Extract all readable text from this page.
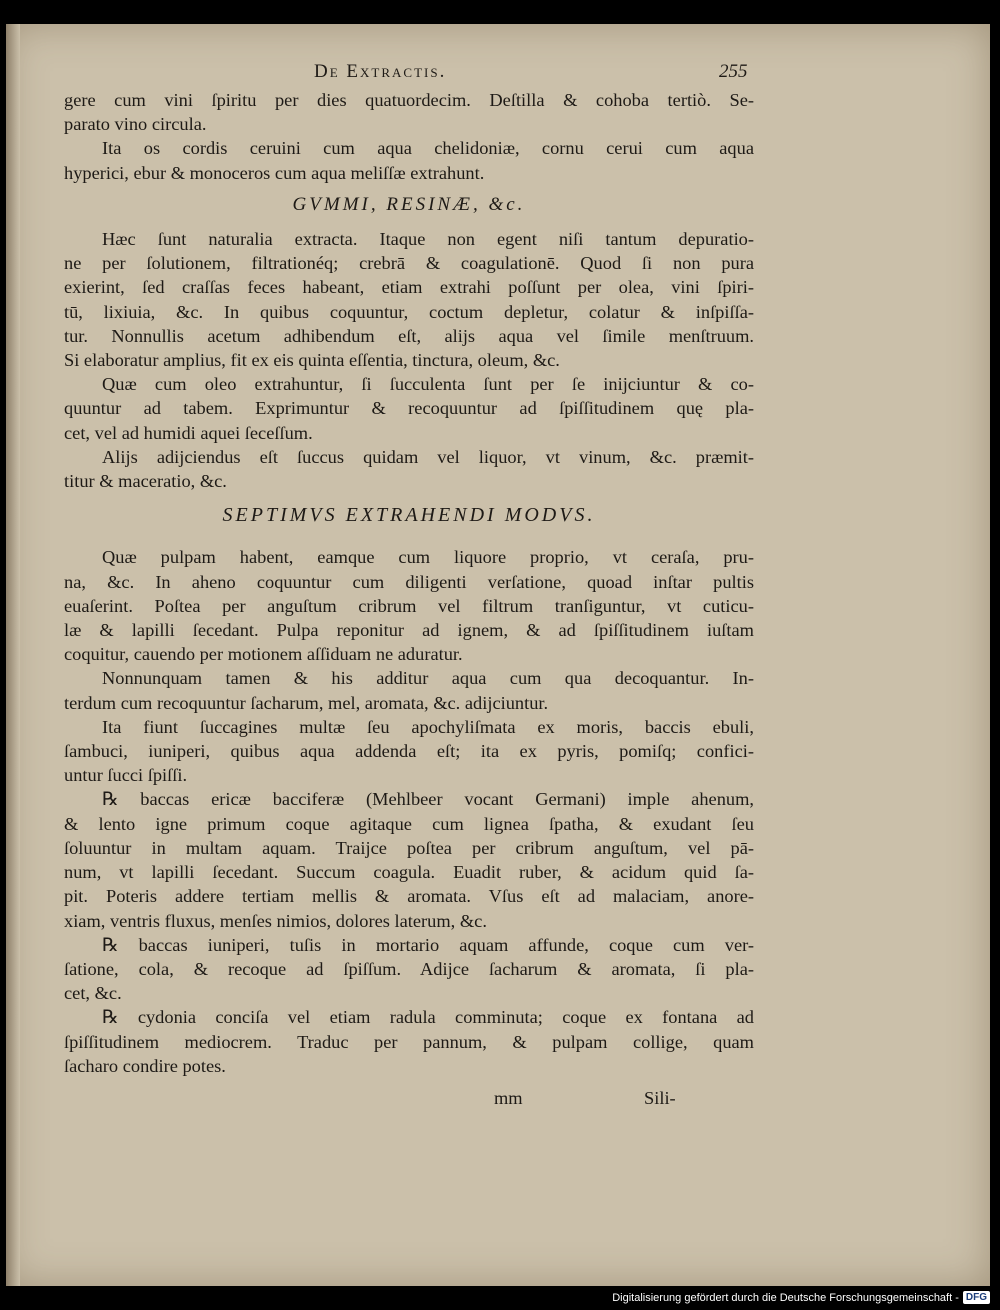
De Extractis.	255
gere cum vini ſpiritu per dies quatuordecim. Deſtilla & cohoba tertiò. Se-
parato vino circula.
Ita os cordis ceruini cum aqua chelidoniæ, cornu cerui cum aqua
hyperici, ebur & monoceros cum aqua meliſſæ extrahunt.
GVMMI, RESINÆ, &c.
Hæc ſunt naturalia extracta. Itaque non egent niſi tantum depuratio-
ne per ſolutionem, filtrationéq; crebrā & coagulationē. Quod ſi non pura
exierint, ſed craſſas feces habeant, etiam extrahi poſſunt per olea, vini ſpiri-
tū, lixiuia, &c. In quibus coquuntur, coctum depletur, colatur & inſpiſſa-
tur. Nonnullis acetum adhibendum eſt, alijs aqua vel ſimile menſtruum.
Si elaboratur amplius, fit ex eis quinta eſſentia, tinctura, oleum, &c.
Quæ cum oleo extrahuntur, ſi ſucculenta ſunt per ſe inijciuntur & co-
quuntur ad tabem. Exprimuntur & recoquuntur ad ſpiſſitudinem quę pla-
cet, vel ad humidi aquei ſeceſſum.
Alijs adijciendus eſt ſuccus quidam vel liquor, vt vinum, &c. præmit-
titur & maceratio, &c.
SEPTIMVS EXTRAHENDI MODVS.
Quæ pulpam habent, eamque cum liquore proprio, vt ceraſa, pru-
na, &c. In aheno coquuntur cum diligenti verſatione, quoad inſtar pultis
euaſerint. Poſtea per anguſtum cribrum vel filtrum tranſiguntur, vt cuticu-
læ & lapilli ſecedant. Pulpa reponitur ad ignem, & ad ſpiſſitudinem iuſtam
coquitur, cauendo per motionem aſſiduam ne aduratur.
Nonnunquam tamen & his additur aqua cum qua decoquantur. In-
terdum cum recoquuntur ſacharum, mel, aromata, &c. adijciuntur.
Ita fiunt ſuccagines multæ ſeu apochyliſmata ex moris, baccis ebuli,
ſambuci, iuniperi, quibus aqua addenda eſt; ita ex pyris, pomiſq; confici-
untur ſucci ſpiſſi.
℞ baccas ericæ bacciferæ (Mehlbeer vocant Germani) imple ahenum,
& lento igne primum coque agitaque cum lignea ſpatha, & exudant ſeu
ſoluuntur in multam aquam. Traijce poſtea per cribrum anguſtum, vel pā-
num, vt lapilli ſecedant. Succum coagula. Euadit ruber, & acidum quid ſa-
pit. Poteris addere tertiam mellis & aromata. Vſus eſt ad malaciam, anore-
xiam, ventris fluxus, menſes nimios, dolores laterum, &c.
℞ baccas iuniperi, tuſis in mortario aquam affunde, coque cum ver-
ſatione, cola, & recoque ad ſpiſſum. Adijce ſacharum & aromata, ſi pla-
cet, &c.
℞ cydonia conciſa vel etiam radula comminuta; coque ex fontana ad
ſpiſſitudinem mediocrem. Traduc per pannum, & pulpam collige, quam
ſacharo condire potes.
mm	Sili-
Digitalisierung gefördert durch die Deutsche Forschungsgemeinschaft - DFG
